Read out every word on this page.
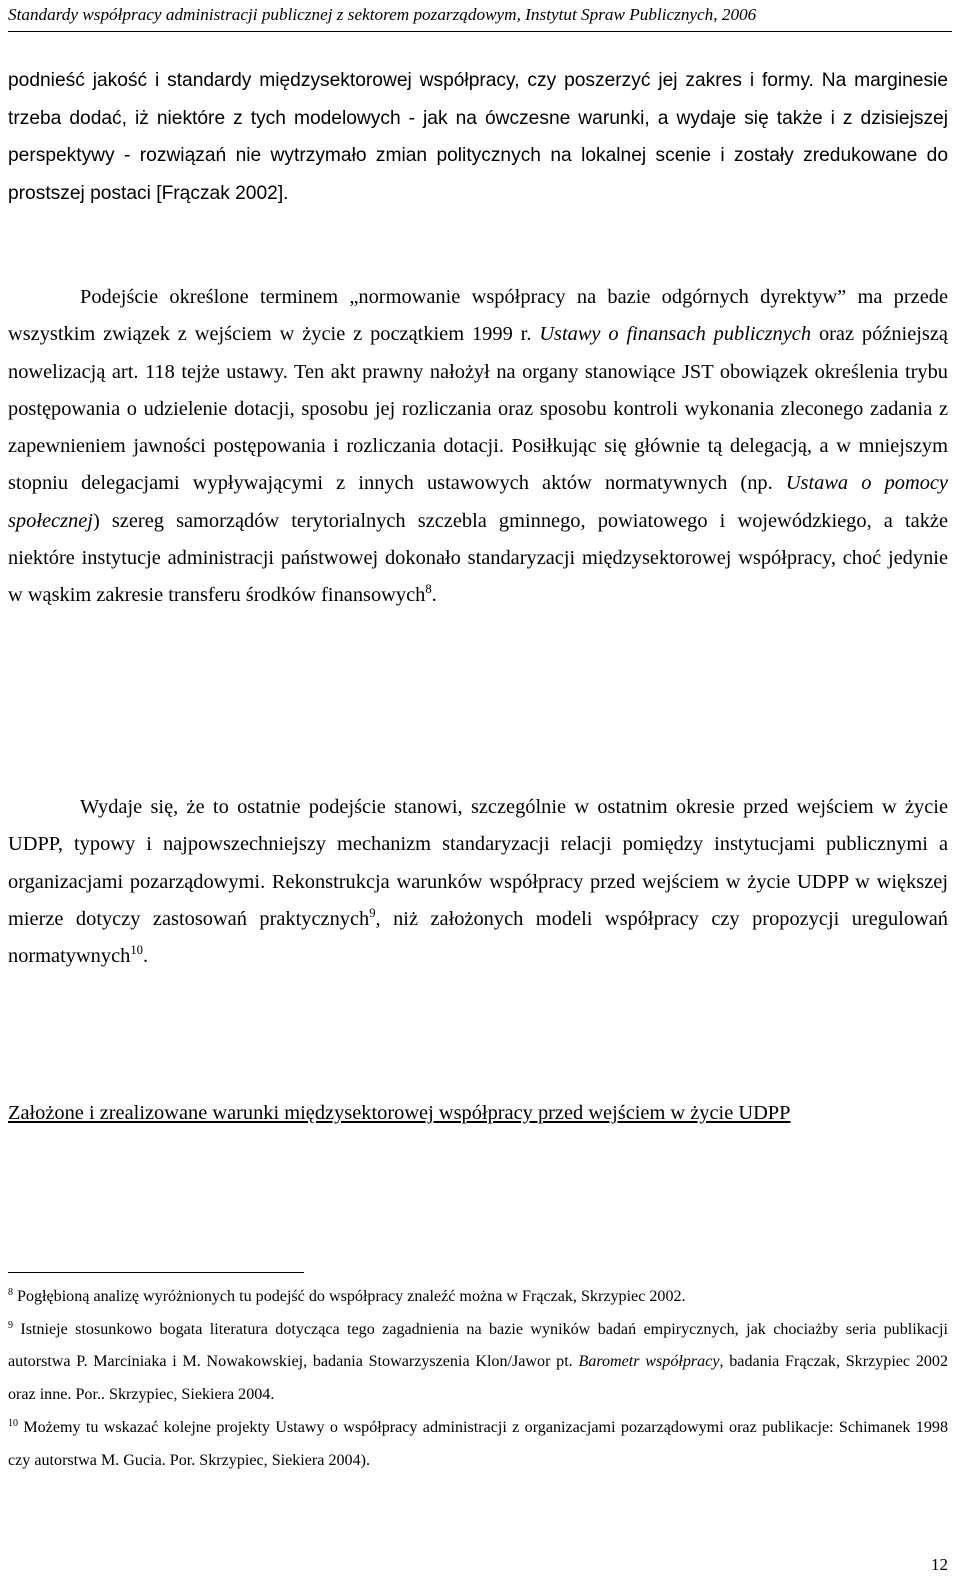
Standardy współpracy administracji publicznej z sektorem pozarządowym, Instytut Spraw Publicznych, 2006

podnieść jakość i standardy międzysektorowej współpracy, czy poszerzyć jej zakres i formy. Na marginesie trzeba dodać, iż niektóre z tych modelowych - jak na ówczesne warunki, a wydaje się także i z dzisiejszej perspektywy - rozwiązań nie wytrzymało zmian politycznych na lokalnej scenie i zostały zredukowane do prostszej postaci [Frączak 2002].

Podejście określone terminem „normowanie współpracy na bazie odgórnych dyrektyw” ma przede wszystkim związek z wejściem w życie z początkiem 1999 r. Ustawy o finansach publicznych oraz późniejszą nowelizacją art. 118 tejże ustawy. Ten akt prawny nałożył na organy stanowiące JST obowiązek określenia trybu postępowania o udzielenie dotacji, sposobu jej rozliczania oraz sposobu kontroli wykonania zleconego zadania z zapewnieniem jawności postępowania i rozliczania dotacji. Posiłkując się głównie tą delegacją, a w mniejszym stopniu delegacjami wypływającymi z innych ustawowych aktów normatywnych (np. Ustawa o pomocy społecznej) szereg samorządów terytorialnych szczebla gminnego, powiatowego i wojewódzkiego, a także niektóre instytucje administracji państwowej dokonało standaryzacji międzysektorowej współpracy, choć jedynie w wąskim zakresie transferu środków finansowych$^8$.

Wydaje się, że to ostatnie podejście stanowi, szczególnie w ostatnim okresie przed wejściem w życie UDPP, typowy i najpowszechniejszy mechanizm standaryzacji relacji pomiędzy instytucjami publicznymi a organizacjami pozarządowymi. Rekonstrukcja warunków współpracy przed wejściem w życie UDPP w większej mierze dotyczy zastosowań praktycznych$^9$, niż założonych modeli współpracy czy propozycji uregulowań normatywnych$^{10}$.

Założone i zrealizowane warunki międzysektorowej współpracy przed wejściem w życie UDPP

$^8$ Pogłębioną analizę wyróżnionych tu podejść do współpracy znaleźć można w Frączak, Skrzypiec 2002.

$^9$ Istnieje stosunkowo bogata literatura dotycząca tego zagadnienia na bazie wyników badań empirycznych, jak chociażby seria publikacji autorstwa P. Marciniaka i M. Nowakowskiej, badania Stowarzyszenia Klon/Jawor pt. Barometr współpracy, badania Frączak, Skrzypiec 2002 oraz inne. Por.. Skrzypiec, Siekiera 2004.

$^{10}$ Możemy tu wskazać kolejne projekty Ustawy o współpracy administracji z organizacjami pozarządowymi oraz publikacje: Schimanek 1998 czy autorstwa M. Gucia. Por. Skrzypiec, Siekiera 2004).

12
